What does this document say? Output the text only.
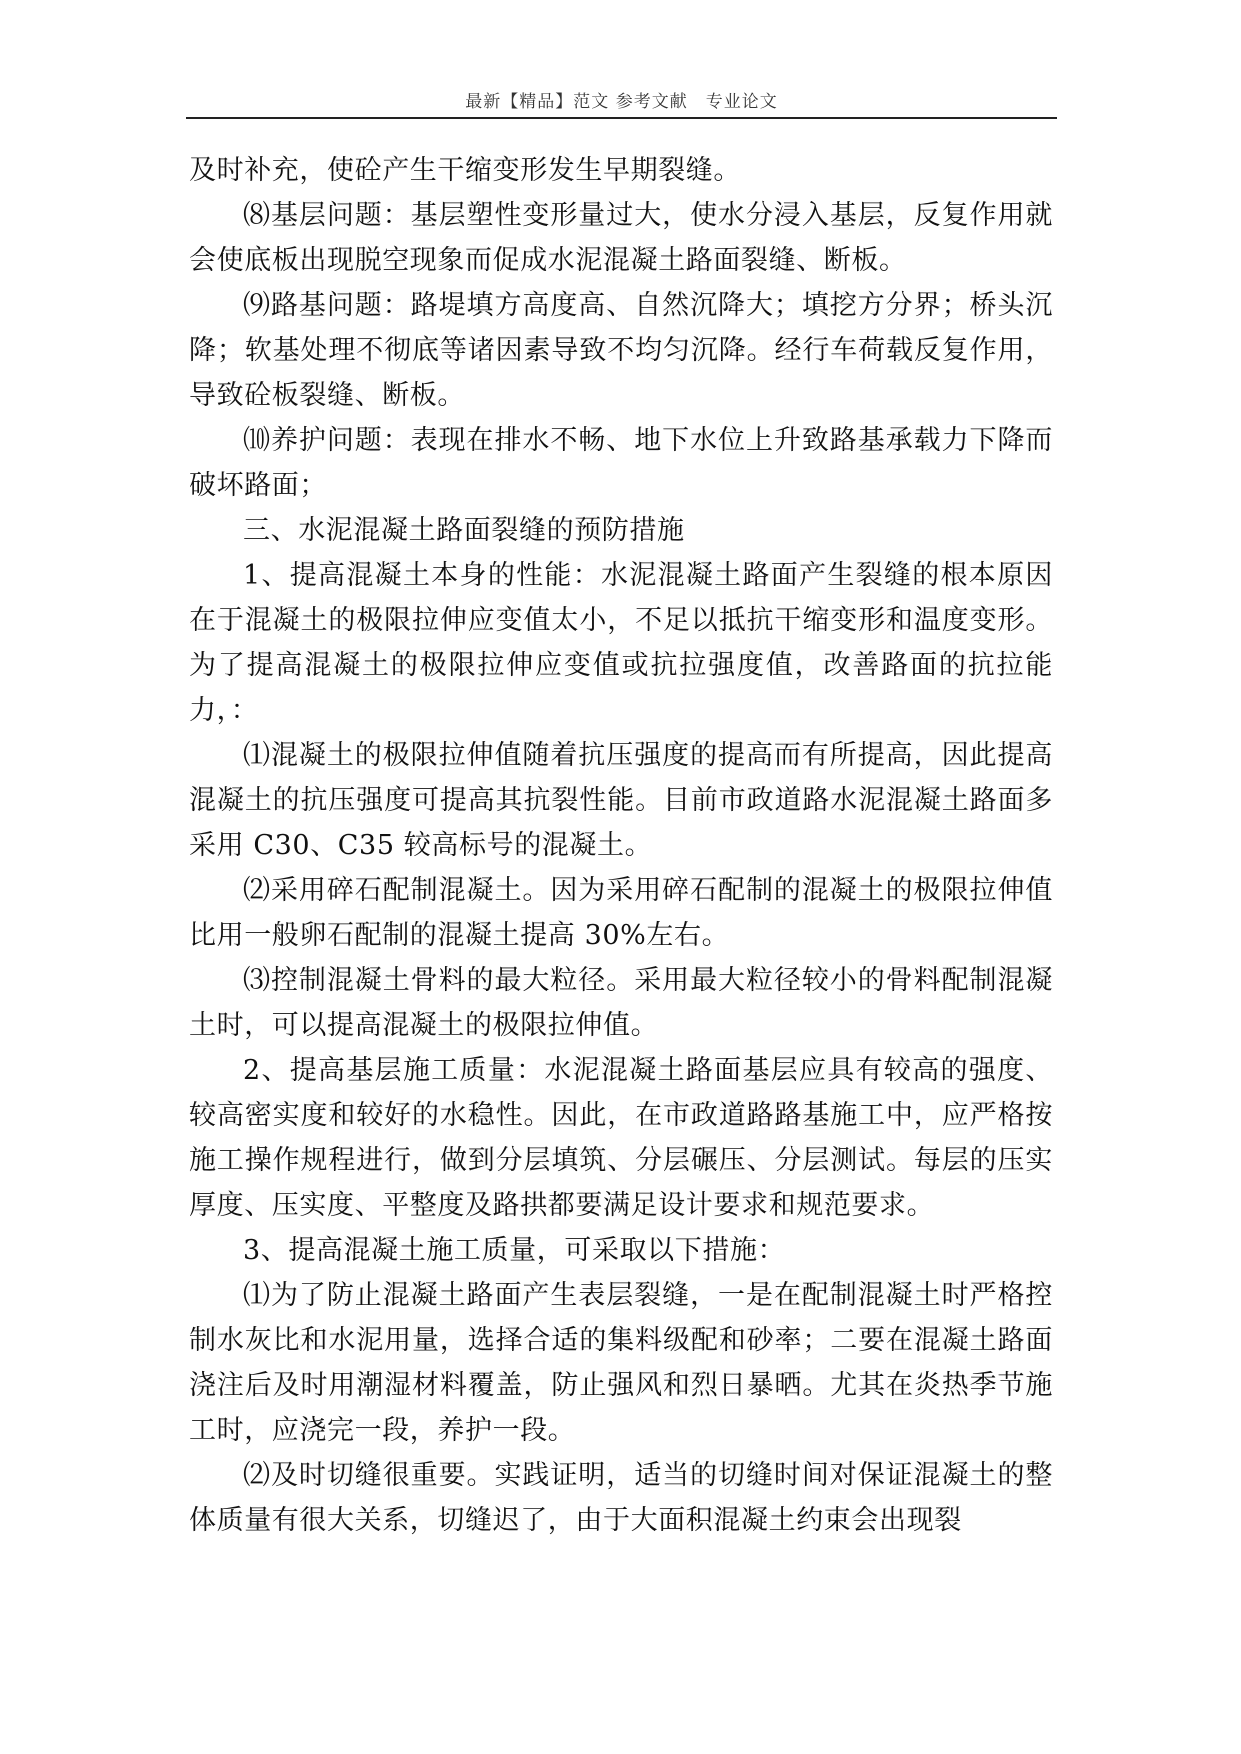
最新【精品】范文 参考文献　专业论文

及时补充，使砼产生干缩变形发生早期裂缝。

⑻基层问题：基层塑性变形量过大，使水分浸入基层，反复作用就会使底板出现脱空现象而促成水泥混凝土路面裂缝、断板。

⑼路基问题：路堤填方高度高、自然沉降大；填挖方分界；桥头沉降；软基处理不彻底等诸因素导致不均匀沉降。经行车荷载反复作用，导致砼板裂缝、断板。

⑽养护问题：表现在排水不畅、地下水位上升致路基承载力下降而破坏路面；

三、水泥混凝土路面裂缝的预防措施

1、提高混凝土本身的性能：水泥混凝土路面产生裂缝的根本原因在于混凝土的极限拉伸应变值太小，不足以抵抗干缩变形和温度变形。为了提高混凝土的极限拉伸应变值或抗拉强度值，改善路面的抗拉能力，：

⑴混凝土的极限拉伸值随着抗压强度的提高而有所提高，因此提高混凝土的抗压强度可提高其抗裂性能。目前市政道路水泥混凝土路面多采用 C30、C35 较高标号的混凝土。

⑵采用碎石配制混凝土。因为采用碎石配制的混凝土的极限拉伸值比用一般卵石配制的混凝土提高 30%左右。

⑶控制混凝土骨料的最大粒径。采用最大粒径较小的骨料配制混凝土时，可以提高混凝土的极限拉伸值。

2、提高基层施工质量：水泥混凝土路面基层应具有较高的强度、较高密实度和较好的水稳性。因此，在市政道路路基施工中，应严格按施工操作规程进行，做到分层填筑、分层碾压、分层测试。每层的压实厚度、压实度、平整度及路拱都要满足设计要求和规范要求。

3、提高混凝土施工质量，可采取以下措施：

⑴为了防止混凝土路面产生表层裂缝，一是在配制混凝土时严格控制水灰比和水泥用量，选择合适的集料级配和砂率；二要在混凝土路面浇注后及时用潮湿材料覆盖，防止强风和烈日暴晒。尤其在炎热季节施工时，应浇完一段，养护一段。

⑵及时切缝很重要。实践证明，适当的切缝时间对保证混凝土的整体质量有很大关系，切缝迟了，由于大面积混凝土约束会出现裂
